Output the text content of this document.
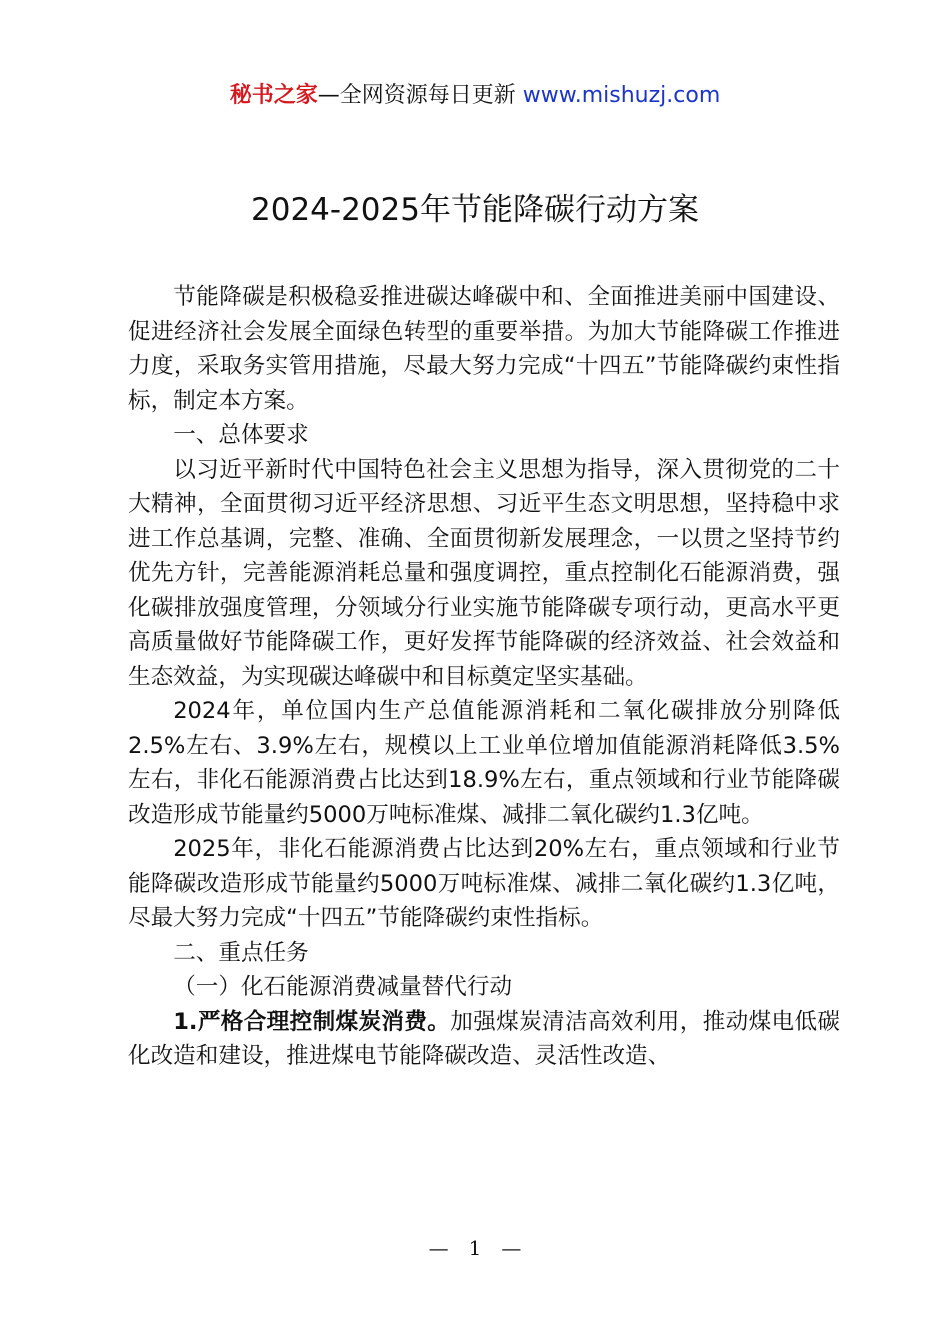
秘书之家—全网资源每日更新 www.mishuzj.com
2024-2025年节能降碳行动方案

节能降碳是积极稳妥推进碳达峰碳中和、全面推进美丽中国建设、促进经济社会发展全面绿色转型的重要举措。为加大节能降碳工作推进力度，采取务实管用措施，尽最大努力完成“十四五”节能降碳约束性指标，制定本方案。

一、总体要求

以习近平新时代中国特色社会主义思想为指导，深入贯彻党的二十大精神，全面贯彻习近平经济思想、习近平生态文明思想，坚持稳中求进工作总基调，完整、准确、全面贯彻新发展理念，一以贯之坚持节约优先方针，完善能源消耗总量和强度调控，重点控制化石能源消费，强化碳排放强度管理，分领域分行业实施节能降碳专项行动，更高水平更高质量做好节能降碳工作，更好发挥节能降碳的经济效益、社会效益和生态效益，为实现碳达峰碳中和目标奠定坚实基础。

2024年，单位国内生产总值能源消耗和二氧化碳排放分别降低2.5%左右、3.9%左右，规模以上工业单位增加值能源消耗降低3.5%左右，非化石能源消费占比达到18.9%左右，重点领域和行业节能降碳改造形成节能量约5000万吨标准煤、减排二氧化碳约1.3亿吨。

2025年，非化石能源消费占比达到20%左右，重点领域和行业节能降碳改造形成节能量约5000万吨标准煤、减排二氧化碳约1.3亿吨，尽最大努力完成“十四五”节能降碳约束性指标。

二、重点任务

（一）化石能源消费减量替代行动

1.严格合理控制煤炭消费。加强煤炭清洁高效利用，推动煤电低碳化改造和建设，推进煤电节能降碳改造、灵活性改造、

— 1 —
